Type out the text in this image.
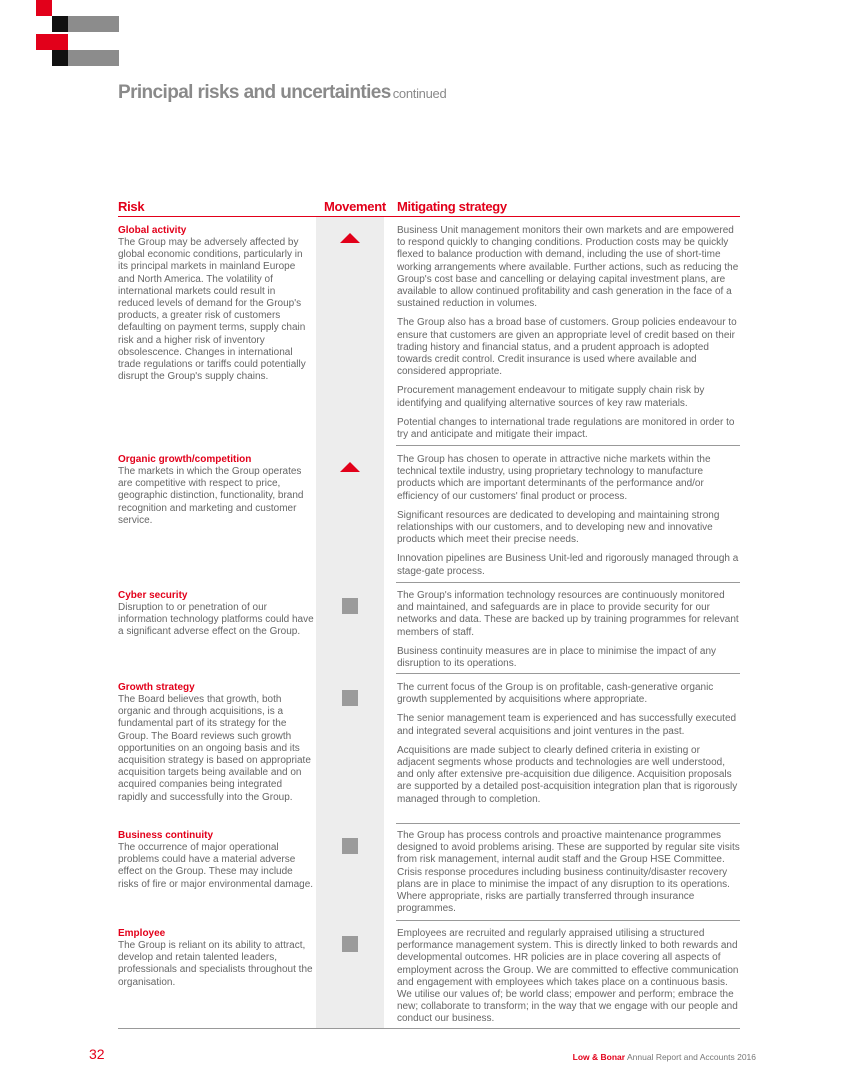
Principal risks and uncertainties continued
Risk	Movement Mitigating strategy
Global activity
The Group may be adversely affected by global economic conditions, particularly in its principal markets in mainland Europe and North America. The volatility of international markets could result in reduced levels of demand for the Group's products, a greater risk of customers defaulting on payment terms, supply chain risk and a higher risk of inventory obsolescence. Changes in international trade regulations or tariffs could potentially disrupt the Group's supply chains.

Business Unit management monitors their own markets and are empowered to respond quickly to changing conditions. Production costs may be quickly flexed to balance production with demand, including the use of short-time working arrangements where available. Further actions, such as reducing the Group's cost base and cancelling or delaying capital investment plans, are available to allow continued profitability and cash generation in the face of a sustained reduction in volumes.

The Group also has a broad base of customers. Group policies endeavour to ensure that customers are given an appropriate level of credit based on their trading history and financial status, and a prudent approach is adopted towards credit control. Credit insurance is used where available and considered appropriate.

Procurement management endeavour to mitigate supply chain risk by identifying and qualifying alternative sources of key raw materials.

Potential changes to international trade regulations are monitored in order to try and anticipate and mitigate their impact.

Organic growth/competition
The markets in which the Group operates are competitive with respect to price, geographic distinction, functionality, brand recognition and marketing and customer service.

The Group has chosen to operate in attractive niche markets within the technical textile industry, using proprietary technology to manufacture products which are important determinants of the performance and/or efficiency of our customers' final product or process.

Significant resources are dedicated to developing and maintaining strong relationships with our customers, and to developing new and innovative products which meet their precise needs.

Innovation pipelines are Business Unit-led and rigorously managed through a stage-gate process.

Cyber security
Disruption to or penetration of our information technology platforms could have a significant adverse effect on the Group.

The Group's information technology resources are continuously monitored and maintained, and safeguards are in place to provide security for our networks and data. These are backed up by training programmes for relevant members of staff.

Business continuity measures are in place to minimise the impact of any disruption to its operations.

Growth strategy
The Board believes that growth, both organic and through acquisitions, is a fundamental part of its strategy for the Group. The Board reviews such growth opportunities on an ongoing basis and its acquisition strategy is based on appropriate acquisition targets being available and on acquired companies being integrated rapidly and successfully into the Group.

The current focus of the Group is on profitable, cash-generative organic growth supplemented by acquisitions where appropriate.

The senior management team is experienced and has successfully executed and integrated several acquisitions and joint ventures in the past.

Acquisitions are made subject to clearly defined criteria in existing or adjacent segments whose products and technologies are well understood, and only after extensive pre-acquisition due diligence. Acquisition proposals are supported by a detailed post-acquisition integration plan that is rigorously managed through to completion.

Business continuity
The occurrence of major operational problems could have a material adverse effect on the Group. These may include risks of fire or major environmental damage.

The Group has process controls and proactive maintenance programmes designed to avoid problems arising. These are supported by regular site visits from risk management, internal audit staff and the Group HSE Committee. Crisis response procedures including business continuity/disaster recovery plans are in place to minimise the impact of any disruption to its operations. Where appropriate, risks are partially transferred through insurance programmes.

Employee
The Group is reliant on its ability to attract, develop and retain talented leaders, professionals and specialists throughout the organisation.

Employees are recruited and regularly appraised utilising a structured performance management system. This is directly linked to both rewards and developmental outcomes. HR policies are in place covering all aspects of employment across the Group. We are committed to effective communication and engagement with employees which takes place on a continuous basis. We utilise our values of; be world class; empower and perform; embrace the new; collaborate to transform; in the way that we engage with our people and conduct our business.

32	Low & Bonar Annual Report and Accounts 2016
